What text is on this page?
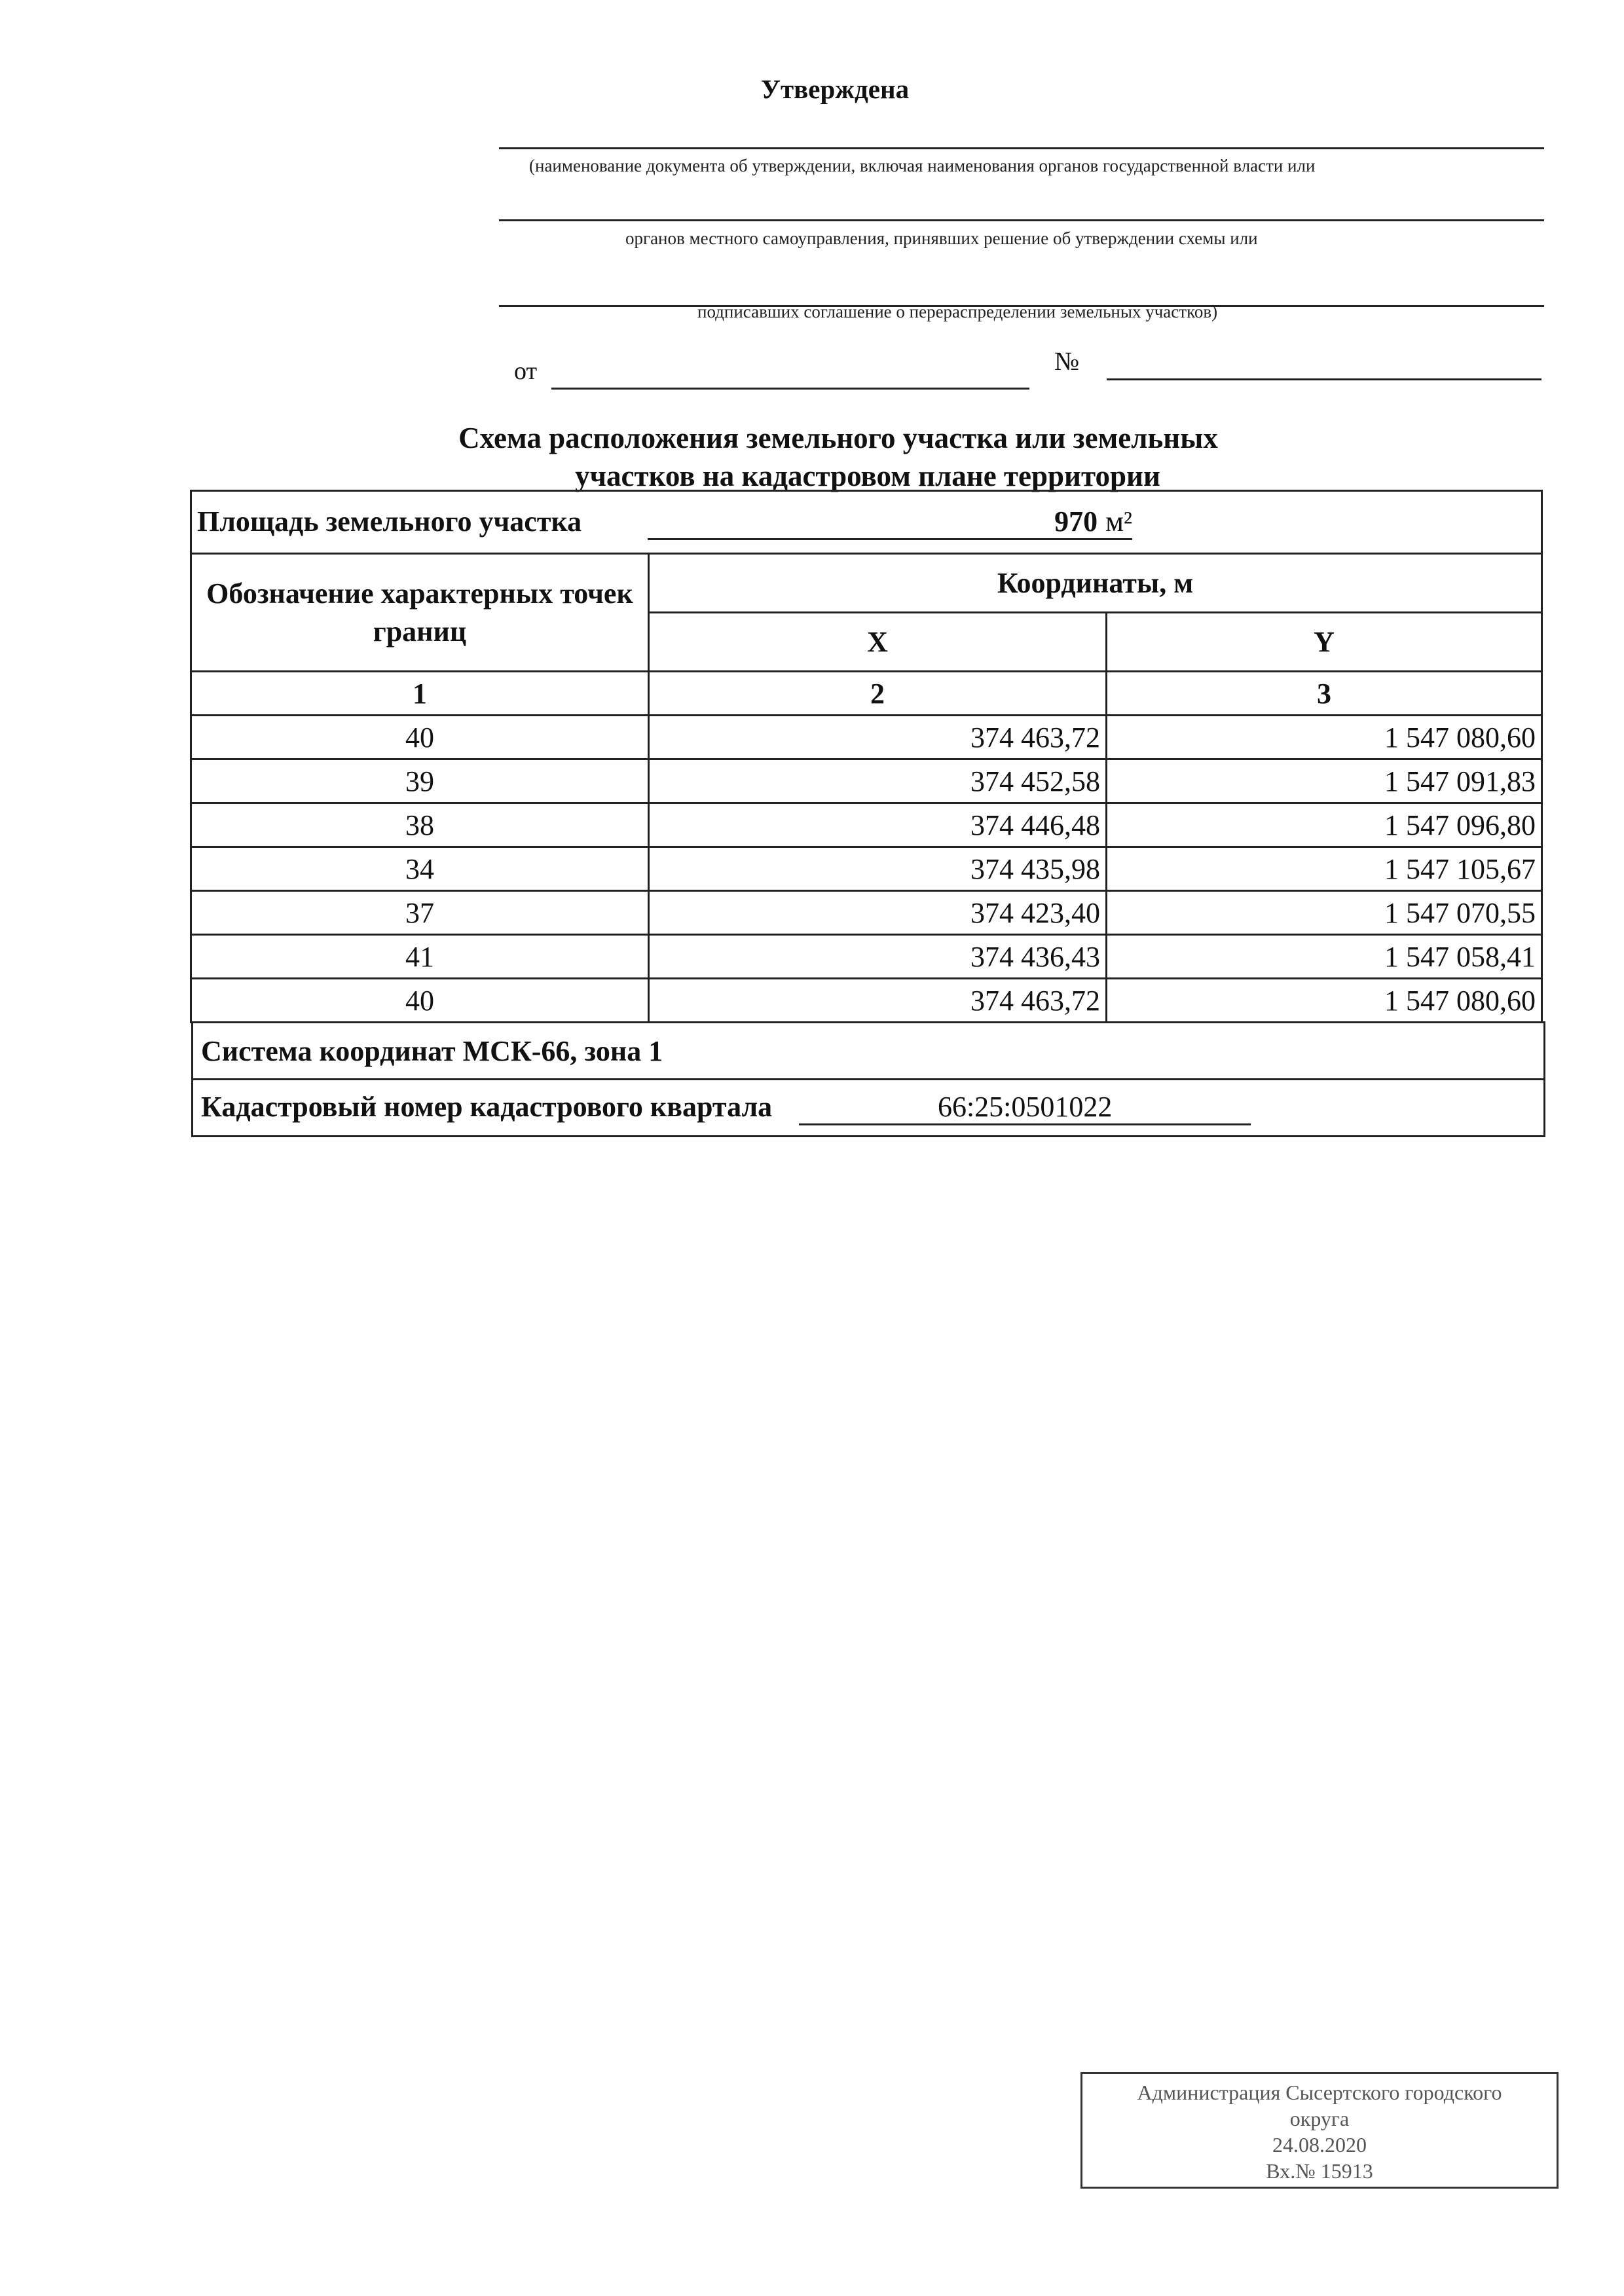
Утверждена
(наименование документа об утверждении, включая наименования органов государственной власти или
органов местного самоуправления, принявших решение об утверждении схемы или
подписавших соглашение о перераспределении земельных участков)
от	№
Схема расположения земельного участка или земельных
участков на кадастровом плане территории
Площадь земельного участка 970 м²		
Обозначение характерных точек границ	Координаты, м	
	X	Y
1	2	3
40	374 463,72	1 547 080,60
39	374 452,58	1 547 091,83
38	374 446,48	1 547 096,80
34	374 435,98	1 547 105,67
37	374 423,40	1 547 070,55
41	374 436,43	1 547 058,41
40	374 463,72	1 547 080,60
Система координат МСК-66, зона 1
Кадастровый номер кадастрового квартала	66:25:0501022
Администрация Сысертского городского
округа
24.08.2020
Вх.№ 15913
